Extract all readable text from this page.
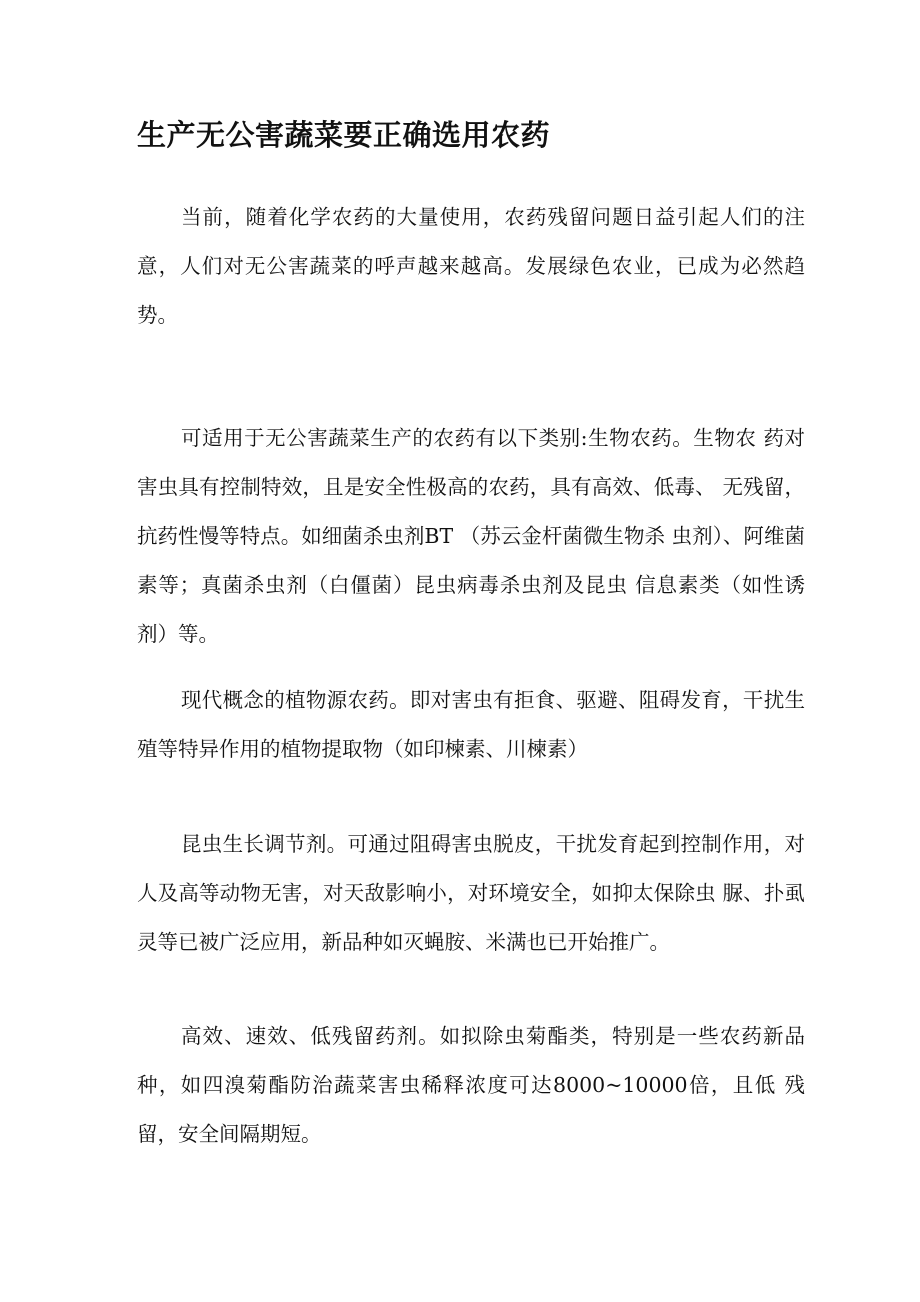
生产无公害蔬菜要正确选用农药

当前，随着化学农药的大量使用，农药残留问题日益引起人们的注意，人们对无公害蔬菜的呼声越来越高。发展绿色农业，已成为必然趋势。

可适用于无公害蔬菜生产的农药有以下类别:生物农药。生物农 药对害虫具有控制特效，且是安全性极高的农药，具有高效、低毒、 无残留，抗药性慢等特点。如细菌杀虫剂BT （苏云金杆菌微生物杀 虫剂）、阿维菌素等；真菌杀虫剂（白僵菌）昆虫病毒杀虫剂及昆虫 信息素类（如性诱剂）等。

现代概念的植物源农药。即对害虫有拒食、驱避、阻碍发育，干扰生殖等特异作用的植物提取物（如印楝素、川楝素）

昆虫生长调节剂。可通过阻碍害虫脱皮，干扰发育起到控制作用，对人及高等动物无害，对天敌影响小，对环境安全，如抑太保除虫 脲、扑虱灵等已被广泛应用，新品种如灭蝇胺、米满也已开始推广。

高效、速效、低残留药剂。如拟除虫菊酯类，特别是一些农药新品种，如四溴菊酯防治蔬菜害虫稀释浓度可达8000~10000倍，且低 残留，安全间隔期短。
